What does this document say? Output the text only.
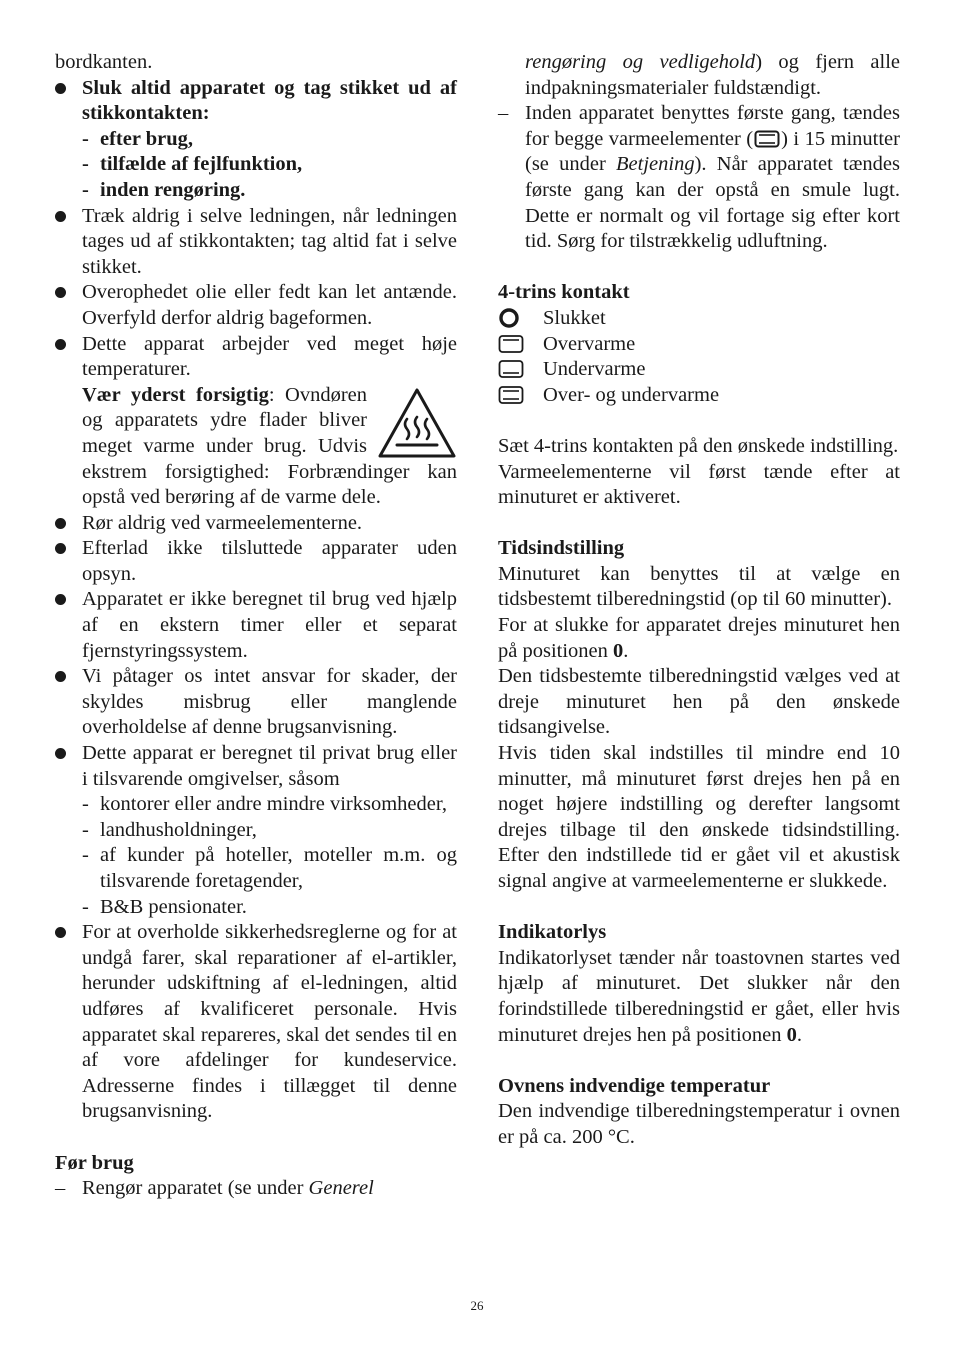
bordkanten.

Sluk altid apparatet og tag stikket ud af stikkontakten:

- efter brug,

- tilfælde af fejlfunktion,

- inden rengøring.

Træk aldrig i selve ledningen, når ledningen tages ud af stikkontakten; tag altid fat i selve stikket.

Overophedet olie eller fedt kan let antænde. Overfyld derfor aldrig bageformen.

Dette apparat arbejder ved meget høje temperaturer.
Vær yderst forsigtig: Ovndøren og apparatets ydre flader bliver meget varme under brug. Udvis ekstrem forsigtighed: Forbrændinger kan opstå ved berøring af de varme dele.

Rør aldrig ved varmeelementerne.

Efterlad ikke tilsluttede apparater uden opsyn.

Apparatet er ikke beregnet til brug ved hjælp af en ekstern timer eller et separat fjernstyringssystem.

Vi påtager os intet ansvar for skader, der skyldes misbrug eller manglende overholdelse af denne brugsanvisning.

Dette apparat er beregnet til privat brug eller i tilsvarende omgivelser, såsom

- kontorer eller andre mindre virksomheder,

- landhusholdninger,

- af kunder på hoteller, moteller m.m. og tilsvarende foretagender,

- B&B pensionater.

For at overholde sikkerhedsreglerne og for at undgå farer, skal reparationer af el-artikler, herunder udskiftning af el-ledningen, altid udføres af kvalificeret personale. Hvis apparatet skal repareres, skal det sendes til en af vore afdelinger for kundeservice. Adresserne findes i tillægget til denne brugsanvisning.

Før brug

– Rengør apparatet (se under Generel

rengøring og vedligehold) og fjern alle indpakningsmaterialer fuldstændigt.

– Inden apparatet benyttes første gang, tændes for begge varmeelementer ( ) i 15 minutter (se under Betjening). Når apparatet tændes første gang kan der opstå en smule lugt. Dette er normalt og vil fortage sig efter kort tid. Sørg for tilstrækkelig udluftning.

4-trins kontakt

Slukket

Overvarme

Undervarme

Over- og undervarme

Sæt 4-trins kontakten på den ønskede indstilling.

Varmeelementerne vil først tænde efter at minuturet er aktiveret.

Tidsindstilling

Minuturet kan benyttes til at vælge en tidsbestemt tilberedningstid (op til 60 minutter).

For at slukke for apparatet drejes minuturet hen på positionen 0.

Den tidsbestemte tilberedningstid vælges ved at dreje minuturet hen på den ønskede tidsangivelse.

Hvis tiden skal indstilles til mindre end 10 minutter, må minuturet først drejes hen på en noget højere indstilling og derefter langsomt drejes tilbage til den ønskede tidsindstilling. Efter den indstillede tid er gået vil et akustisk signal angive at varmeelementerne er slukkede.

Indikatorlys

Indikatorlyset tænder når toastovnen startes ved hjælp af minuturet. Det slukker når den forindstillede tilberedningstid er gået, eller hvis minuturet drejes hen på positionen 0.

Ovnens indvendige temperatur

Den indvendige tilberedningstemperatur i ovnen er på ca. 200 °C.

26
